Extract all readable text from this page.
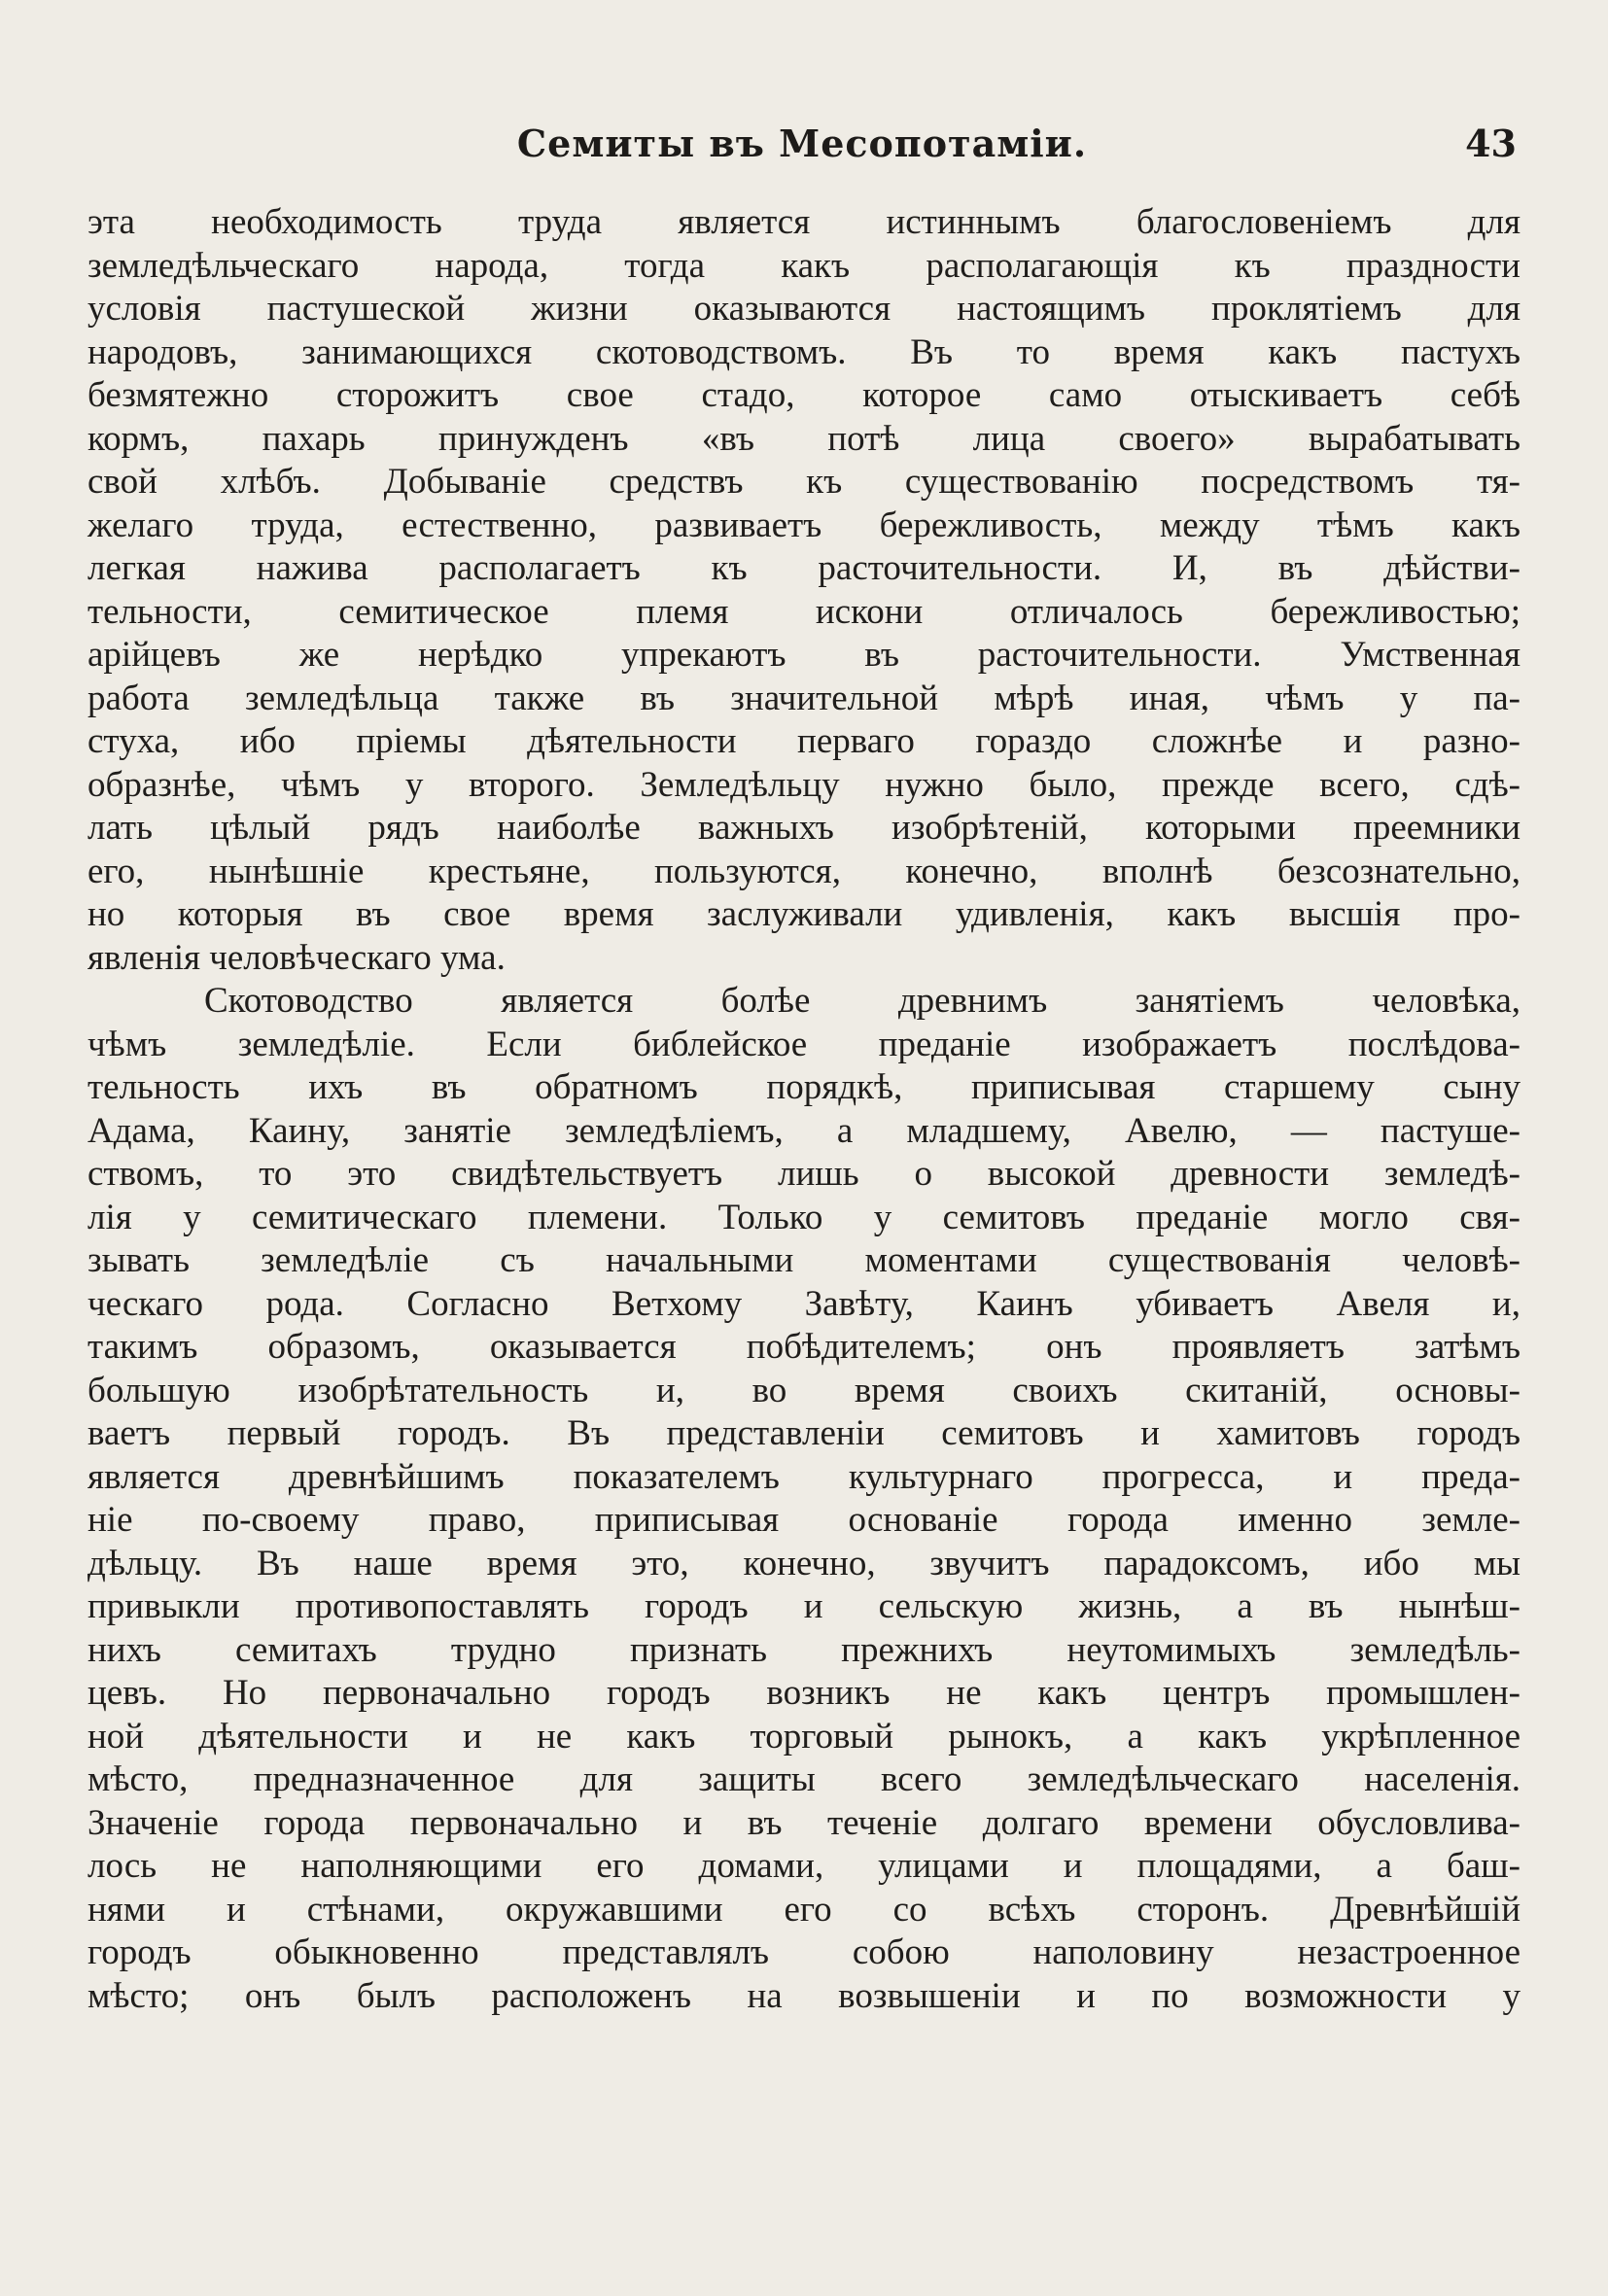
Семиты въ Месопотамiи.	43
эта необходимость труда является истиннымъ благословенiемъ для
земледѣльческаго народа, тогда какъ располагающiя къ праздности
условiя пастушеской жизни оказываются настоящимъ проклятiемъ для
народовъ, занимающихся скотоводствомъ. Въ то время какъ пастухъ
безмятежно сторожитъ свое стадо, которое само отыскиваетъ себѣ
кормъ, пахарь принужденъ «въ потѣ лица своего» вырабатывать
свой хлѣбъ. Добыванiе средствъ къ существованiю посредствомъ тя-
желаго труда, естественно, развиваетъ бережливость, между тѣмъ какъ
легкая нажива располагаетъ къ расточительности. И, въ дѣйстви-
тельности, семитическое племя искони отличалось бережливостью;
арiйцевъ же нерѣдко упрекаютъ въ расточительности. Умственная
работа земледѣльца также въ значительной мѣрѣ иная, чѣмъ у па-
стуха, ибо прiемы дѣятельности перваго гораздо сложнѣе и разно-
образнѣе, чѣмъ у второго. Земледѣльцу нужно было, прежде всего, сдѣ-
лать цѣлый рядъ наиболѣе важныхъ изобрѣтенiй, которыми преемники
его, нынѣшнiе крестьяне, пользуются, конечно, вполнѣ безсознательно,
но которыя въ свое время заслуживали удивленiя, какъ высшiя про-
явленiя человѣческаго ума.
Скотоводство является болѣе древнимъ занятiемъ человѣка,
чѣмъ земледѣлiе. Если библейское преданiе изображаетъ послѣдова-
тельность ихъ въ обратномъ порядкѣ, приписывая старшему сыну
Адама, Каину, занятiе земледѣлiемъ, а младшему, Авелю, — пастуше-
ствомъ, то это свидѣтельствуетъ лишь о высокой древности земледѣ-
лiя у семитическаго племени. Только у семитовъ преданiе могло свя-
зывать земледѣлiе съ начальными моментами существованiя человѣ-
ческаго рода. Согласно Ветхому Завѣту, Каинъ убиваетъ Авеля и,
такимъ образомъ, оказывается побѣдителемъ; онъ проявляетъ затѣмъ
большую изобрѣтательность и, во время своихъ скитанiй, основы-
ваетъ первый городъ. Въ представленiи семитовъ и хамитовъ городъ
является древнѣйшимъ показателемъ культурнаго прогресса, и преда-
нiе по-своему право, приписывая основанiе города именно земле-
дѣльцу. Въ наше время это, конечно, звучитъ парадоксомъ, ибо мы
привыкли противопоставлять городъ и сельскую жизнь, а въ нынѣш-
нихъ семитахъ трудно признать прежнихъ неутомимыхъ земледѣль-
цевъ. Но первоначально городъ возникъ не какъ центръ промышлен-
ной дѣятельности и не какъ торговый рынокъ, а какъ укрѣпленное
мѣсто, предназначенное для защиты всего земледѣльческаго населенiя.
Значенiе города первоначально и въ теченiе долгаго времени обусловлива-
лось не наполняющими его домами, улицами и площадями, а баш-
нями и стѣнами, окружавшими его со всѣхъ сторонъ. Древнѣйшiй
городъ обыкновенно представлялъ собою наполовину незастроенное
мѣсто; онъ былъ расположенъ на возвышенiи и по возможности у
